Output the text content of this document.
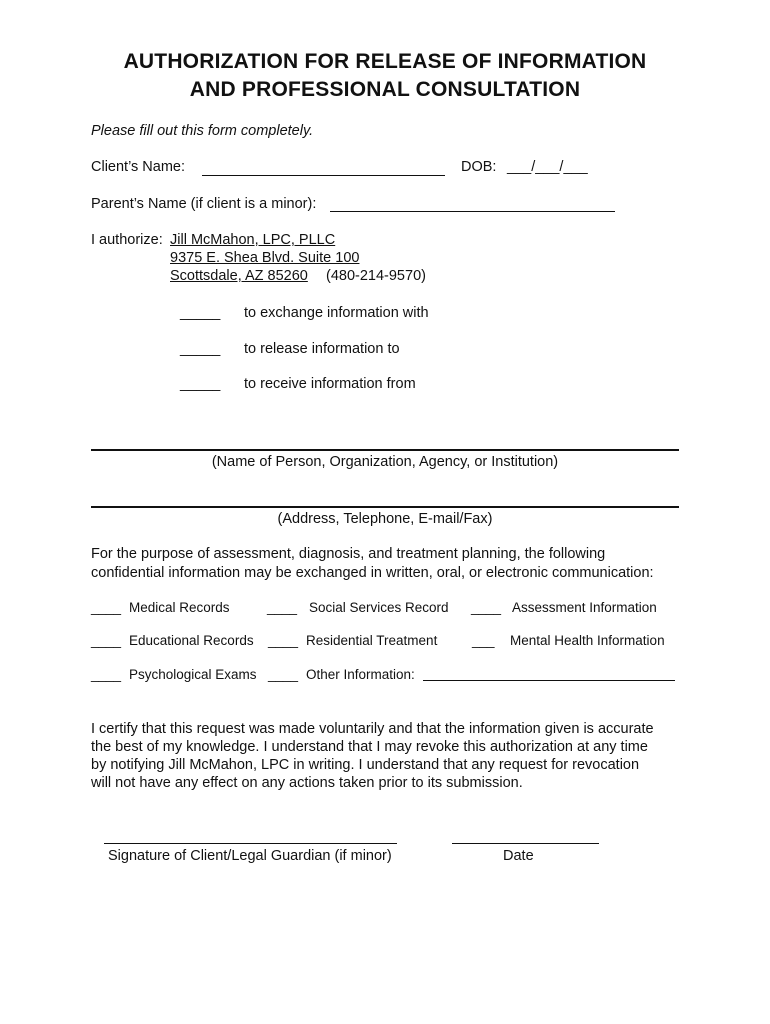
AUTHORIZATION FOR RELEASE OF INFORMATION
AND PROFESSIONAL CONSULTATION
Please fill out this form completely.
Client’s Name:	DOB: ___/___/___
Parent’s Name (if client is a minor):
I authorize: Jill McMahon, LPC, PLLC
9375 E. Shea Blvd. Suite 100
Scottsdale, AZ 85260 (480-214-9570)
_____ to exchange information with
_____ to release information to
_____ to receive information from
(Name of Person, Organization, Agency, or Institution)
(Address, Telephone, E-mail/Fax)
For the purpose of assessment, diagnosis, and treatment planning, the following
confidential information may be exchanged in written, oral, or electronic communication:
____ Medical Records	____ Social Services Record ____ Assessment Information
____ Educational Records ____ Residential Treatment	___ Mental Health Information
____ Psychological Exams ____ Other Information:
I certify that this request was made voluntarily and that the information given is accurate
the best of my knowledge. I understand that I may revoke this authorization at any time
by notifying Jill McMahon, LPC in writing. I understand that any request for revocation
will not have any effect on any actions taken prior to its submission.
Signature of Client/Legal Guardian (if minor)	Date
